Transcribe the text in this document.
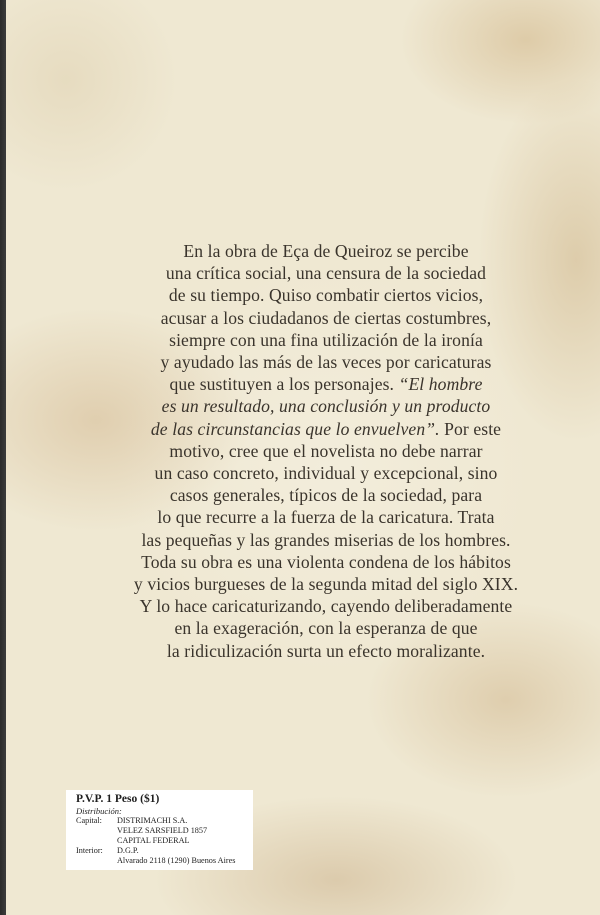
En la obra de Eça de Queiroz se percibe
una crítica social, una censura de la sociedad
de su tiempo. Quiso combatir ciertos vicios,
acusar a los ciudadanos de ciertas costumbres,
siempre con una fina utilización de la ironía
y ayudado las más de las veces por caricaturas
que sustituyen a los personajes. “El hombre
es un resultado, una conclusión y un producto
de las circunstancias que lo envuelven”. Por este
motivo, cree que el novelista no debe narrar
un caso concreto, individual y excepcional, sino
casos generales, típicos de la sociedad, para
lo que recurre a la fuerza de la caricatura. Trata
las pequeñas y las grandes miserias de los hombres.
Toda su obra es una violenta condena de los hábitos
y vicios burgueses de la segunda mitad del siglo XIX.
Y lo hace caricaturizando, cayendo deliberadamente
en la exageración, con la esperanza de que
la ridiculización surta un efecto moralizante.

P.V.P. 1 Peso ($1)
Distribución:
Capital:	DISTRIMACHI S.A.
VELEZ SARSFIELD 1857
CAPITAL FEDERAL
Interior:	D.G.P.
Alvarado 2118 (1290) Buenos Aires
